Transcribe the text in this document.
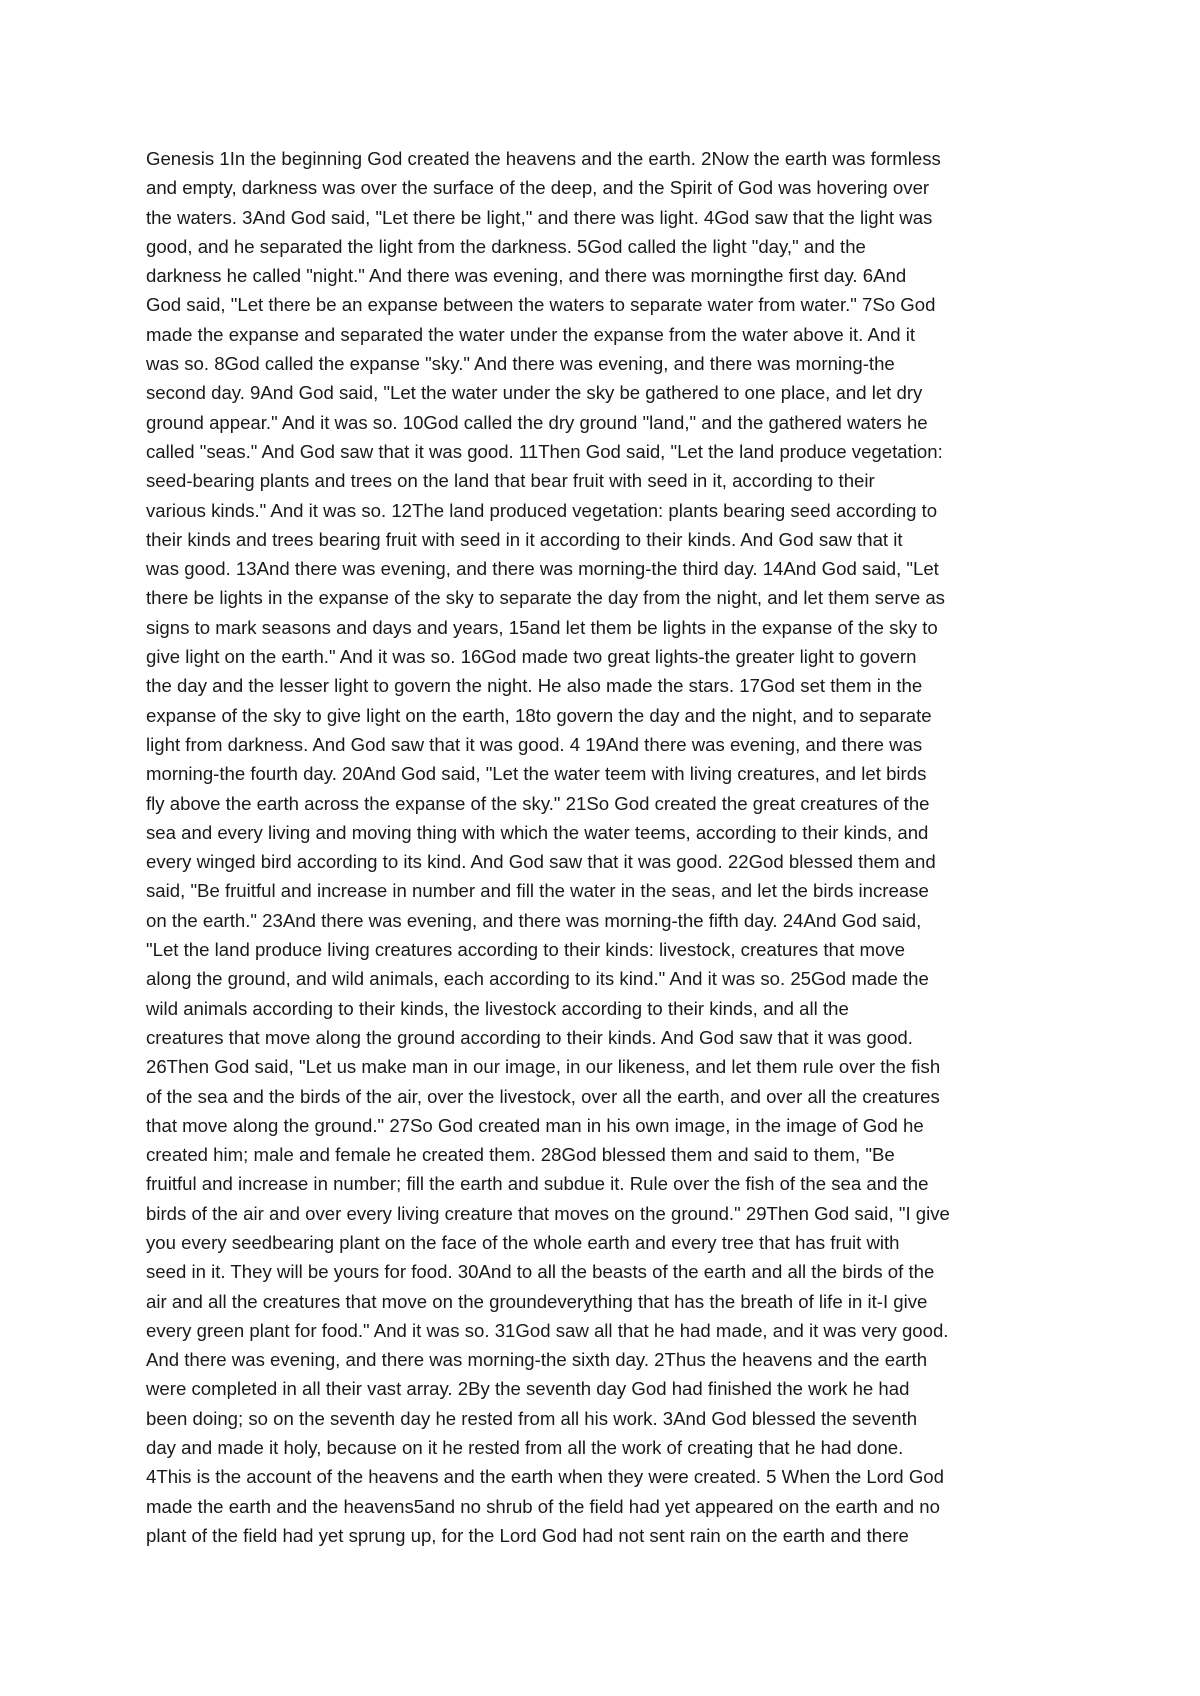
Genesis 1In the beginning God created the heavens and the earth. 2Now the earth was formless
and empty, darkness was over the surface of the deep, and the Spirit of God was hovering over
the waters. 3And God said, "Let there be light," and there was light. 4God saw that the light was
good, and he separated the light from the darkness. 5God called the light "day," and the
darkness he called "night." And there was evening, and there was morningthe first day. 6And
God said, "Let there be an expanse between the waters to separate water from water." 7So God
made the expanse and separated the water under the expanse from the water above it. And it
was so. 8God called the expanse "sky." And there was evening, and there was morning-the
second day. 9And God said, "Let the water under the sky be gathered to one place, and let dry
ground appear." And it was so. 10God called the dry ground "land," and the gathered waters he
called "seas." And God saw that it was good. 11Then God said, "Let the land produce vegetation:
seed-bearing plants and trees on the land that bear fruit with seed in it, according to their
various kinds." And it was so. 12The land produced vegetation: plants bearing seed according to
their kinds and trees bearing fruit with seed in it according to their kinds. And God saw that it
was good. 13And there was evening, and there was morning-the third day. 14And God said, "Let
there be lights in the expanse of the sky to separate the day from the night, and let them serve as
signs to mark seasons and days and years, 15and let them be lights in the expanse of the sky to
give light on the earth." And it was so. 16God made two great lights-the greater light to govern
the day and the lesser light to govern the night. He also made the stars. 17God set them in the
expanse of the sky to give light on the earth, 18to govern the day and the night, and to separate
light from darkness. And God saw that it was good. 4 19And there was evening, and there was
morning-the fourth day. 20And God said, "Let the water teem with living creatures, and let birds
fly above the earth across the expanse of the sky." 21So God created the great creatures of the
sea and every living and moving thing with which the water teems, according to their kinds, and
every winged bird according to its kind. And God saw that it was good. 22God blessed them and
said, "Be fruitful and increase in number and fill the water in the seas, and let the birds increase
on the earth." 23And there was evening, and there was morning-the fifth day. 24And God said,
"Let the land produce living creatures according to their kinds: livestock, creatures that move
along the ground, and wild animals, each according to its kind." And it was so. 25God made the
wild animals according to their kinds, the livestock according to their kinds, and all the
creatures that move along the ground according to their kinds. And God saw that it was good.
26Then God said, "Let us make man in our image, in our likeness, and let them rule over the fish
of the sea and the birds of the air, over the livestock, over all the earth, and over all the creatures
that move along the ground." 27So God created man in his own image, in the image of God he
created him; male and female he created them. 28God blessed them and said to them, "Be
fruitful and increase in number; fill the earth and subdue it. Rule over the fish of the sea and the
birds of the air and over every living creature that moves on the ground." 29Then God said, "I give
you every seedbearing plant on the face of the whole earth and every tree that has fruit with
seed in it. They will be yours for food. 30And to all the beasts of the earth and all the birds of the
air and all the creatures that move on the groundeverything that has the breath of life in it-I give
every green plant for food." And it was so. 31God saw all that he had made, and it was very good.
And there was evening, and there was morning-the sixth day. 2Thus the heavens and the earth
were completed in all their vast array. 2By the seventh day God had finished the work he had
been doing; so on the seventh day he rested from all his work. 3And God blessed the seventh
day and made it holy, because on it he rested from all the work of creating that he had done.
4This is the account of the heavens and the earth when they were created. 5 When the Lord God
made the earth and the heavens5and no shrub of the field had yet appeared on the earth and no
plant of the field had yet sprung up, for the Lord God had not sent rain on the earth and there
